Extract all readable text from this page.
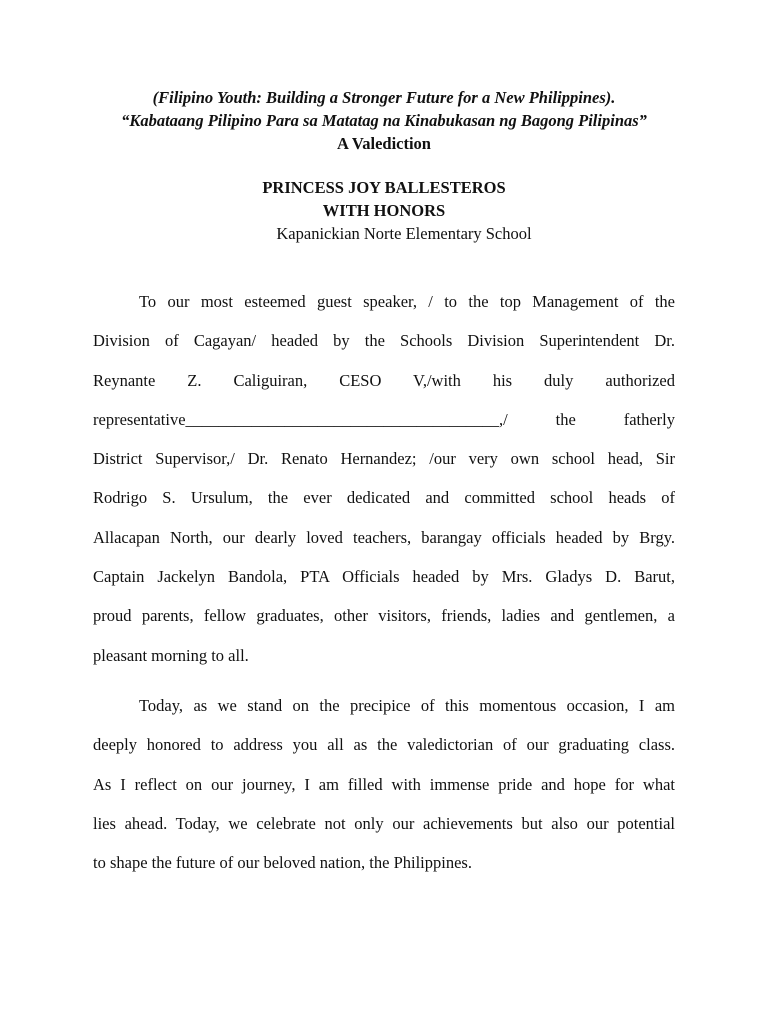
(Filipino Youth: Building a Stronger Future for a New Philippines).
“Kabataang Pilipino Para sa Matatag na Kinabukasan ng Bagong Pilipinas”
A Valediction
PRINCESS JOY BALLESTEROS
WITH HONORS
Kapanickian Norte Elementary School
To our most esteemed guest speaker, / to the top Management of the
Division of Cagayan/ headed by the Schools Division Superintendent Dr.
Reynante Z. Caliguiran, CESO V,/with his duly authorized
representative______________________________________,/ the fatherly
District Supervisor,/ Dr. Renato Hernandez; /our very own school head, Sir
Rodrigo S. Ursulum, the ever dedicated and committed school heads of
Allacapan North, our dearly loved teachers, barangay officials headed by Brgy.
Captain Jackelyn Bandola, PTA Officials headed by Mrs. Gladys D. Barut,
proud parents, fellow graduates, other visitors, friends, ladies and gentlemen, a
pleasant morning to all.
Today, as we stand on the precipice of this momentous occasion, I am
deeply honored to address you all as the valedictorian of our graduating class.
As I reflect on our journey, I am filled with immense pride and hope for what
lies ahead. Today, we celebrate not only our achievements but also our potential
to shape the future of our beloved nation, the Philippines.
